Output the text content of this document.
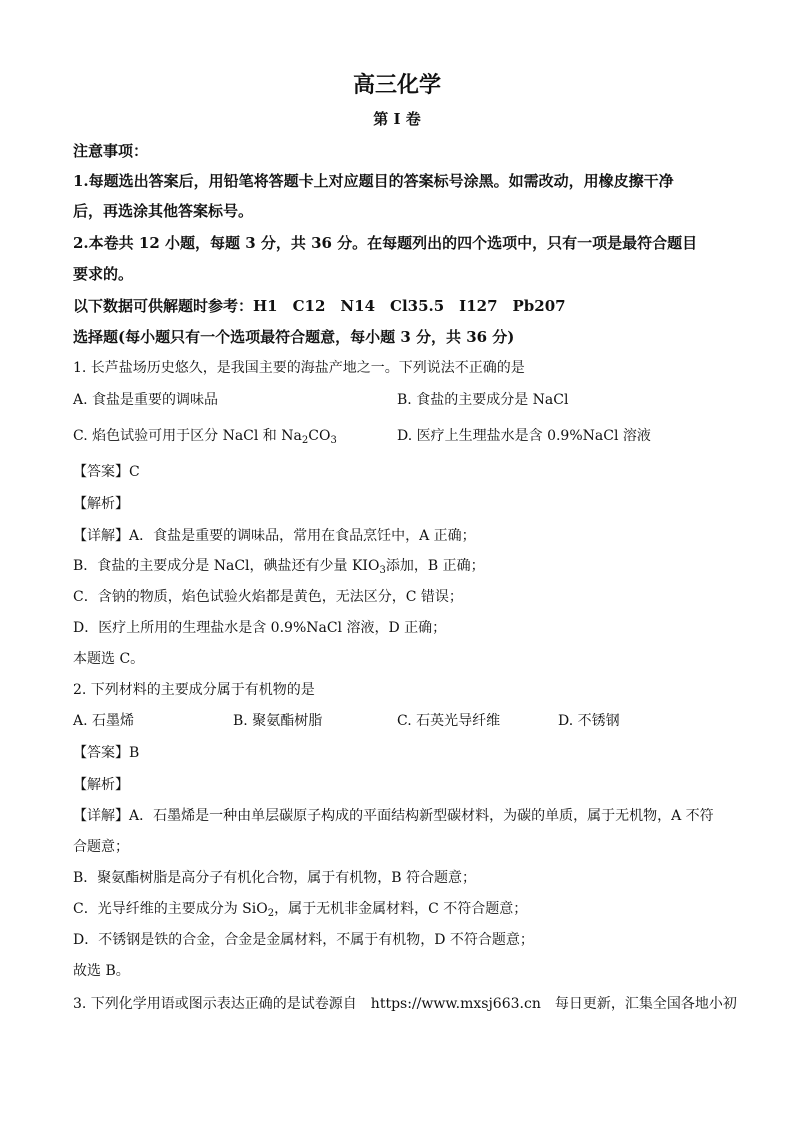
高三化学
第 I 卷
注意事项：
1.每题选出答案后，用铅笔将答题卡上对应题目的答案标号涂黑。如需改动，用橡皮擦干净
后，再选涂其他答案标号。
2.本卷共 12 小题，每题 3 分，共 36 分。在每题列出的四个选项中，只有一项是最符合题目
要求的。
以下数据可供解题时参考：H1　C12　N14　Cl35.5　I127　Pb207
选择题(每小题只有一个选项最符合题意，每小题 3 分，共 36 分)
1. 长芦盐场历史悠久，是我国主要的海盐产地之一。下列说法不正确的是
A. 食盐是重要的调味品	B. 食盐的主要成分是 NaCl
C. 焰色试验可用于区分 NaCl 和 $Na_2CO_3$	D. 医疗上生理盐水是含 0.9%NaCl 溶液
【答案】C
【解析】
【详解】A．食盐是重要的调味品，常用在食品烹饪中，A 正确；
B．食盐的主要成分是 NaCl，碘盐还有少量 $KIO_3$添加，B 正确；
C．含钠的物质，焰色试验火焰都是黄色，无法区分，C 错误；
D．医疗上所用的生理盐水是含 0.9%NaCl 溶液，D 正确；
本题选 C。
2. 下列材料的主要成分属于有机物的是
A. 石墨烯	B. 聚氨酯树脂	C. 石英光导纤维	D. 不锈钢
【答案】B
【解析】
【详解】A．石墨烯是一种由单层碳原子构成的平面结构新型碳材料，为碳的单质，属于无机物，A 不符
合题意；
B．聚氨酯树脂是高分子有机化合物，属于有机物，B 符合题意；
C．光导纤维的主要成分为 SiO$_2$，属于无机非金属材料，C 不符合题意；
D．不锈钢是铁的合金，合金是金属材料，不属于有机物，D 不符合题意；
故选 B。
3. 下列化学用语或图示表达正确的是试卷源自　https://www.mxsj663.cn　每日更新，汇集全国各地小初
